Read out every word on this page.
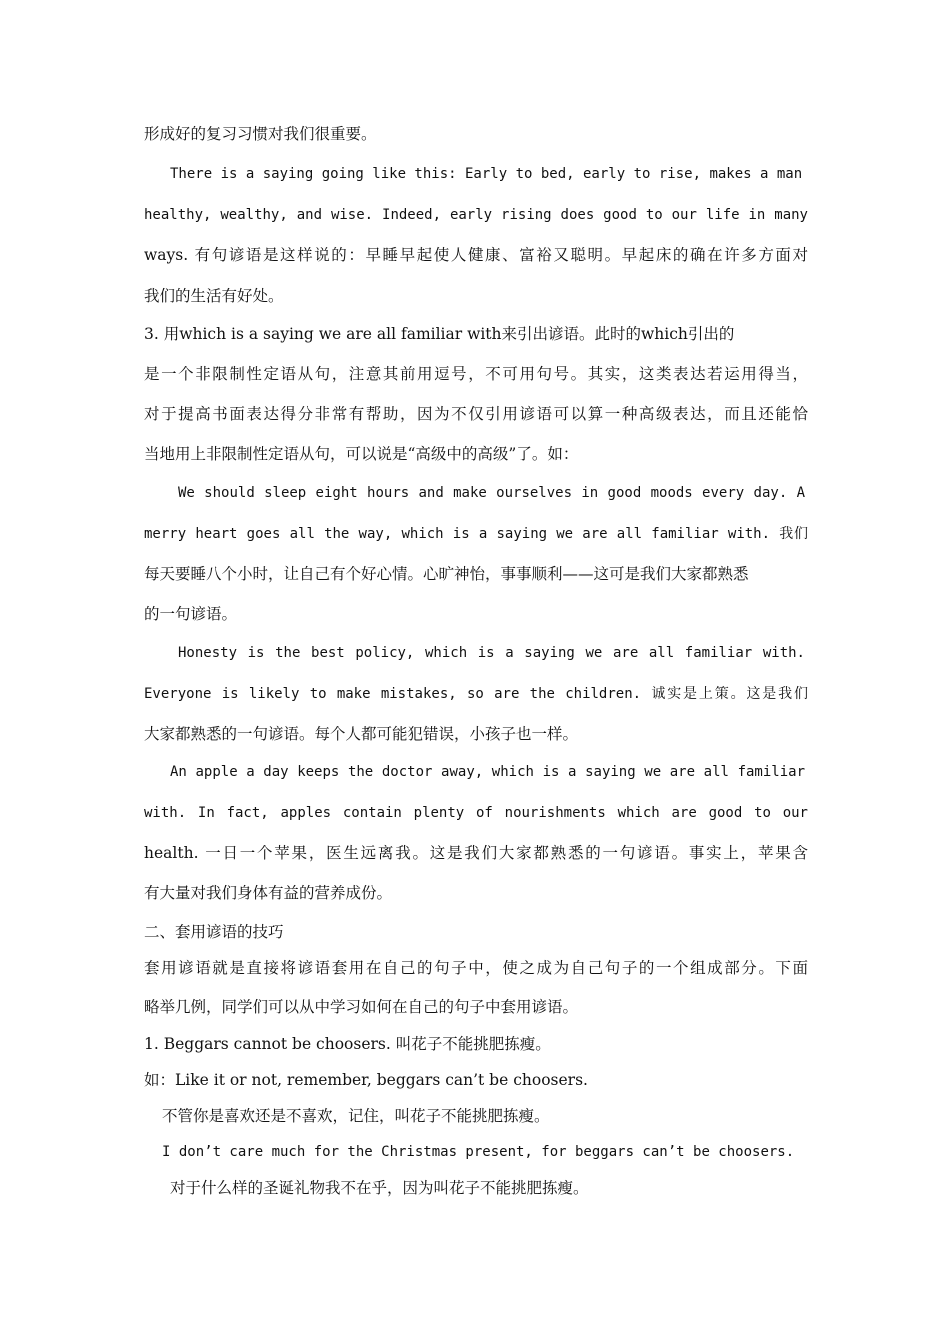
形成好的复习习惯对我们很重要。
There is a saying going like this: Early to bed, early to rise, makes a man
healthy, wealthy, and wise. Indeed, early rising does good to our life in many
ways. 有句谚语是这样说的：早睡早起使人健康、富裕又聪明。早起床的确在许多方面对
我们的生活有好处。
3. 用which is a saying we are all familiar with来引出谚语。此时的which引出的
是一个非限制性定语从句，注意其前用逗号，不可用句号。其实，这类表达若运用得当，
对于提高书面表达得分非常有帮助，因为不仅引用谚语可以算一种高级表达，而且还能恰
当地用上非限制性定语从句，可以说是“高级中的高级”了。如：
We should sleep eight hours and make ourselves in good moods every day. A
merry heart goes all the way, which is a saying we are all familiar with. 我们
每天要睡八个小时，让自己有个好心情。心旷神怡，事事顺利——这可是我们大家都熟悉
的一句谚语。
Honesty is the best policy, which is a saying we are all familiar with.
Everyone is likely to make mistakes, so are the children. 诚实是上策。这是我们
大家都熟悉的一句谚语。每个人都可能犯错误，小孩子也一样。
An apple a day keeps the doctor away, which is a saying we are all familiar
with. In fact, apples contain plenty of nourishments which are good to our
health. 一日一个苹果，医生远离我。这是我们大家都熟悉的一句谚语。事实上，苹果含
有大量对我们身体有益的营养成份。
二、套用谚语的技巧
套用谚语就是直接将谚语套用在自己的句子中，使之成为自己句子的一个组成部分。下面
略举几例，同学们可以从中学习如何在自己的句子中套用谚语。
1. Beggars cannot be choosers. 叫花子不能挑肥拣瘦。
如：Like it or not, remember, beggars can’t be choosers.
不管你是喜欢还是不喜欢，记住，叫花子不能挑肥拣瘦。
I don’t care much for the Christmas present, for beggars can’t be choosers.
对于什么样的圣诞礼物我不在乎，因为叫花子不能挑肥拣瘦。
